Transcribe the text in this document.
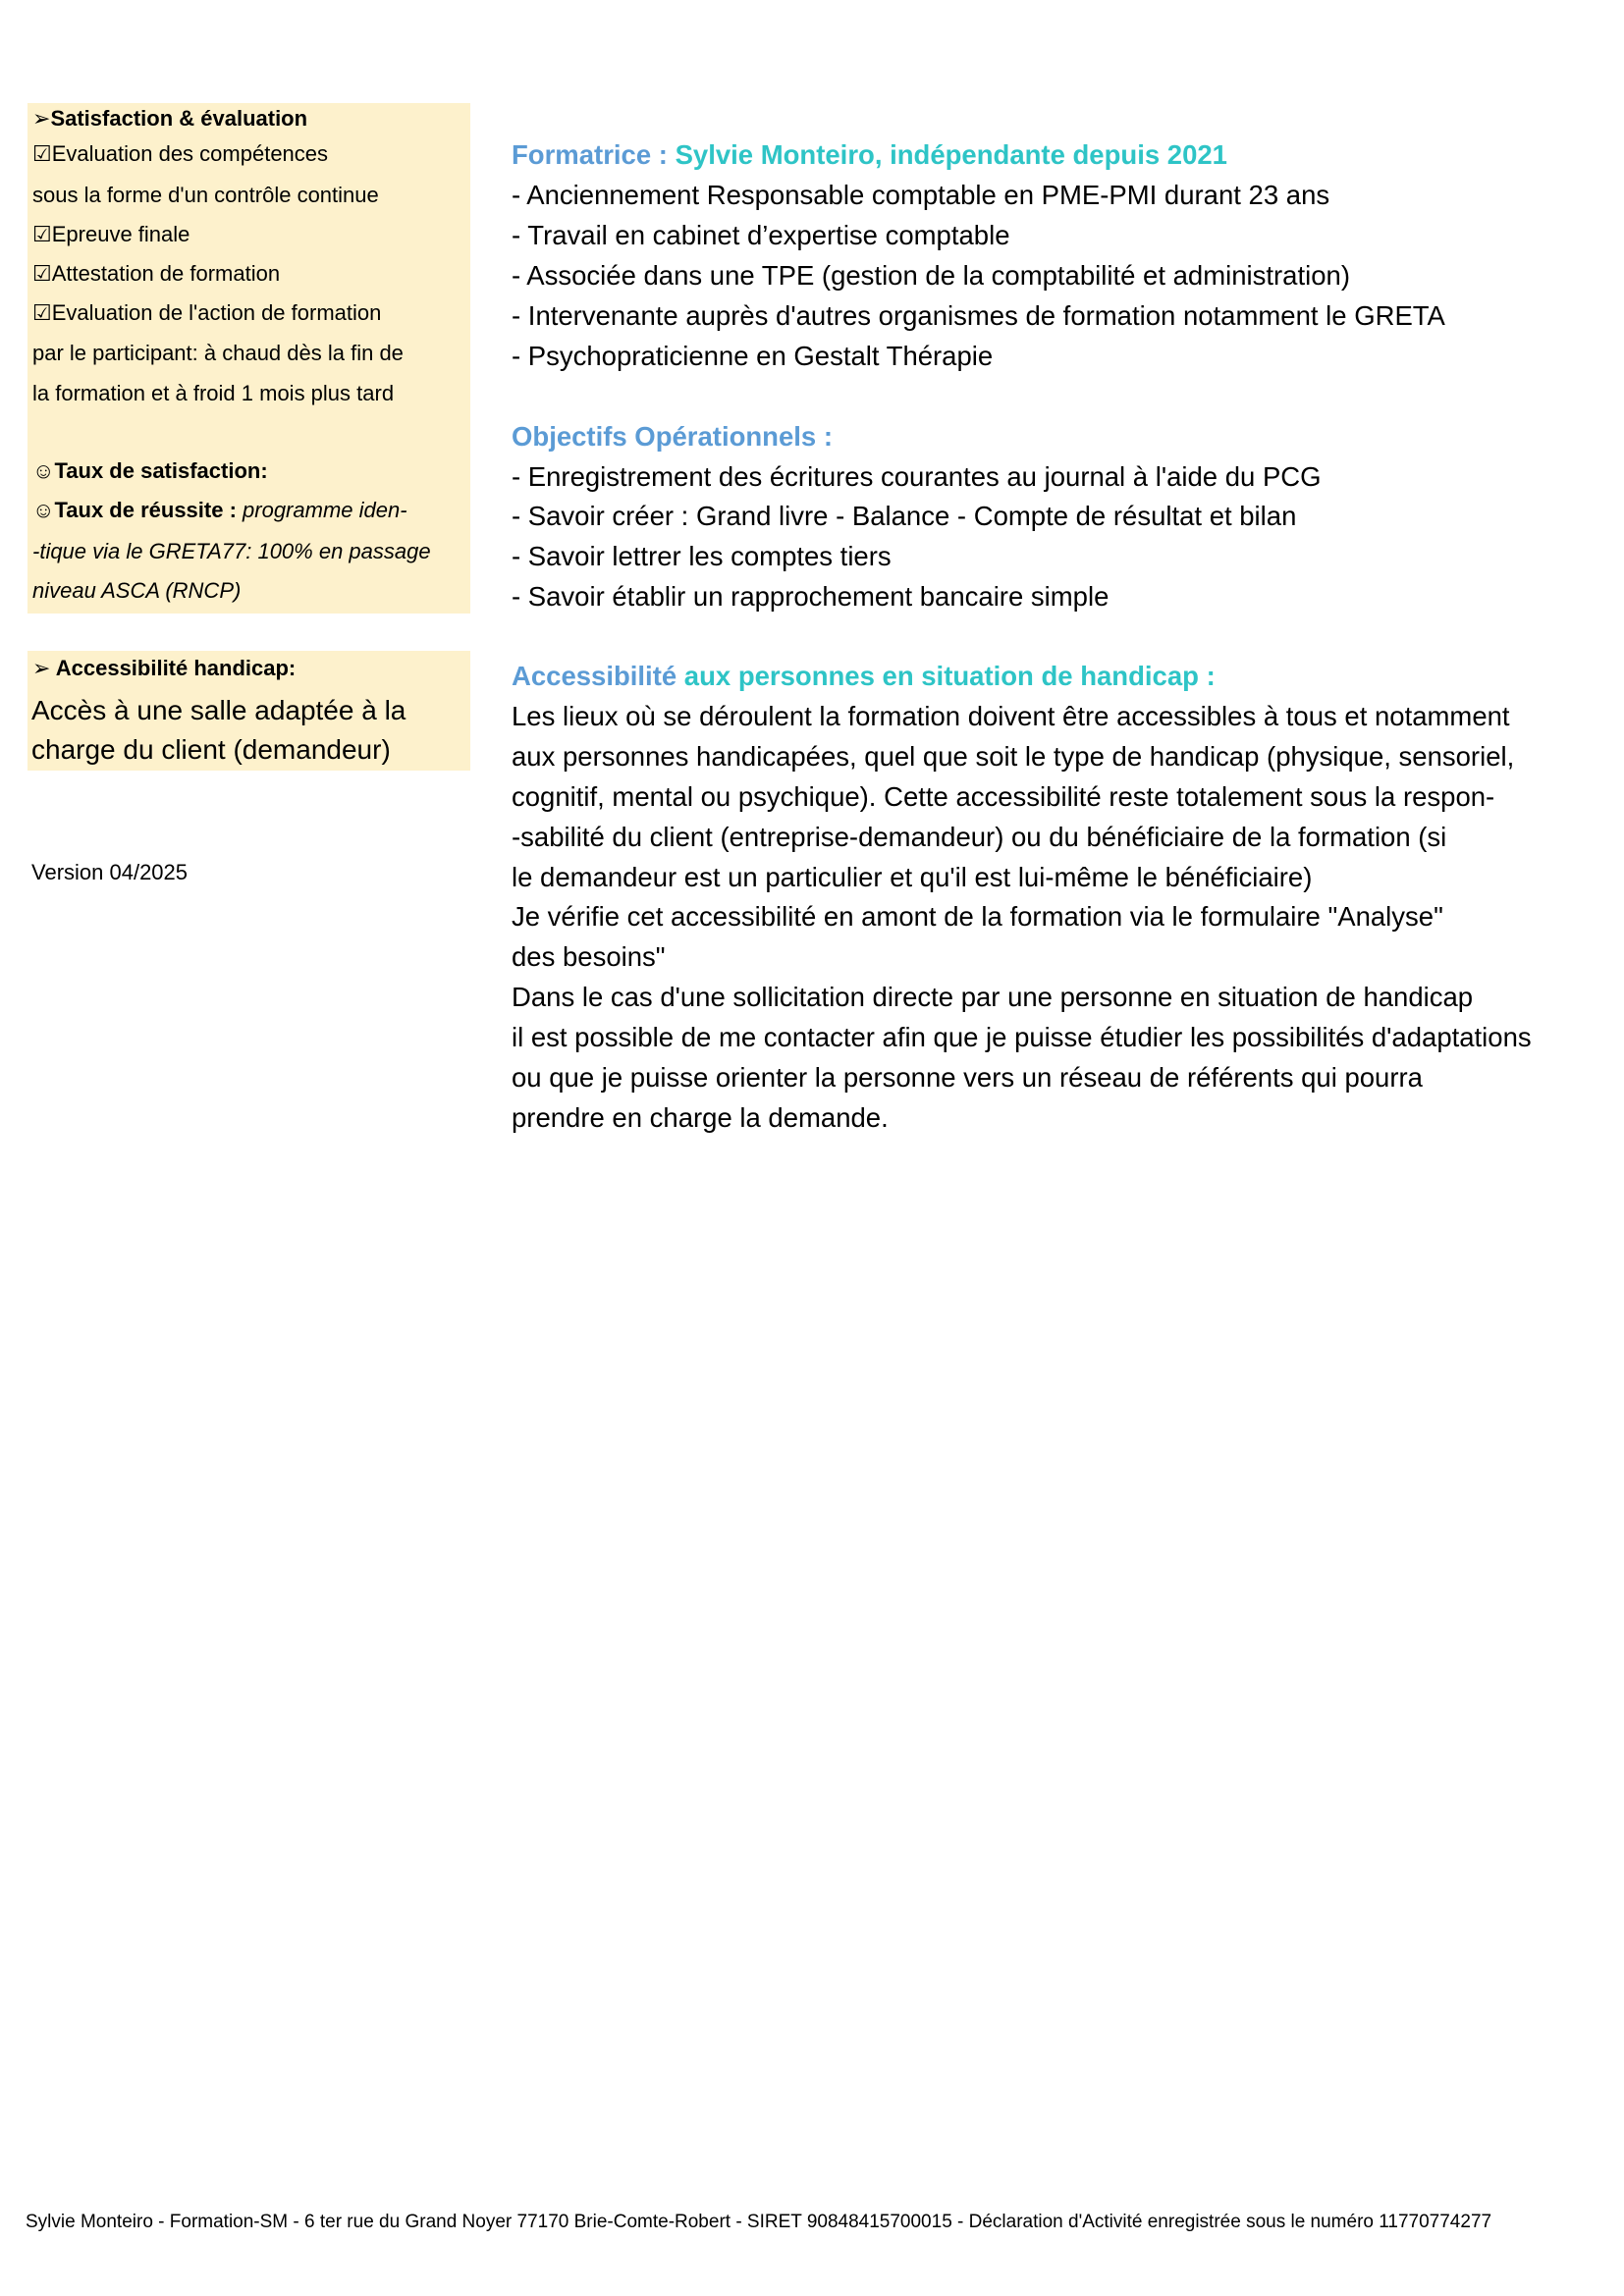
➢Satisfaction & évaluation
☑Evaluation des compétences
sous la forme d'un contrôle continue
☑Epreuve finale
☑Attestation de formation
☑Evaluation de l'action de formation
par le participant: à chaud dès la fin de
la formation et à froid 1 mois plus tard
☺Taux de satisfaction:
☺Taux de réussite : programme iden-
-tique via le GRETA77: 100% en passage
niveau ASCA (RNCP)
➢ Accessibilité handicap:
Accès à une salle adaptée à la
charge du client (demandeur)
Version 04/2025
Formatrice : Sylvie Monteiro, indépendante depuis 2021
- Anciennement Responsable comptable en PME-PMI durant 23 ans
- Travail en cabinet d’expertise comptable
- Associée dans une TPE (gestion de la comptabilité et administration)
- Intervenante auprès d'autres organismes de formation notamment le GRETA
- Psychopraticienne en Gestalt Thérapie
Objectifs Opérationnels :
- Enregistrement des écritures courantes au journal à l'aide du PCG
- Savoir créer : Grand livre - Balance - Compte de résultat et bilan
- Savoir lettrer les comptes tiers
- Savoir établir un rapprochement bancaire simple
Accessibilité aux personnes en situation de handicap :
Les lieux où se déroulent la formation doivent être accessibles à tous et notamment
aux personnes handicapées, quel que soit le type de handicap (physique, sensoriel,
cognitif, mental ou psychique). Cette accessibilité reste totalement sous la respon-
-sabilité du client (entreprise-demandeur) ou du bénéficiaire de la formation (si
le demandeur est un particulier et qu'il est lui-même le bénéficiaire)
Je vérifie cet accessibilité en amont de la formation via le formulaire "Analyse"
des besoins"
Dans le cas d'une sollicitation directe par une personne en situation de handicap
il est possible de me contacter afin que je puisse étudier les possibilités d'adaptations
ou que je puisse orienter la personne vers un réseau de référents qui pourra
prendre en charge la demande.
Sylvie Monteiro - Formation-SM - 6 ter rue du Grand Noyer 77170 Brie-Comte-Robert - SIRET 90848415700015 - Déclaration d'Activité enregistrée sous le numéro 11770774277
